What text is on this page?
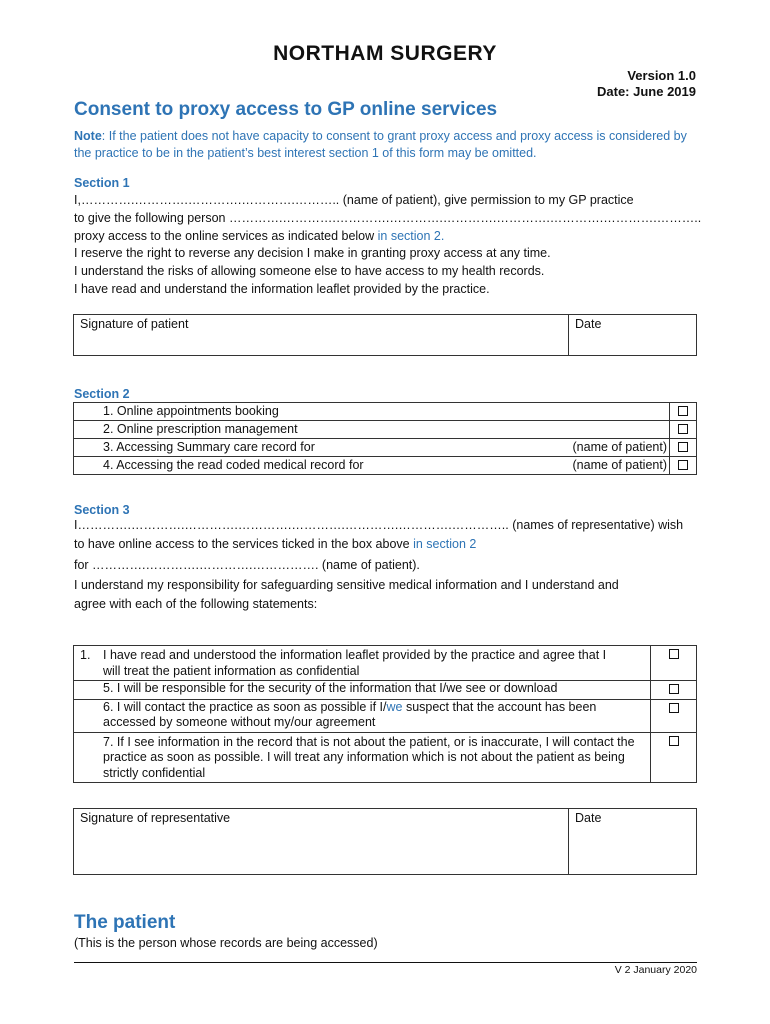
NORTHAM SURGERY
Version 1.0
Date: June 2019
Consent to proxy access to GP online services
Note: If the patient does not have capacity to consent to grant proxy access and proxy access is considered by the practice to be in the patient’s best interest section 1 of this form may be omitted.
Section 1
I,………….………….………….………….……….. (name of patient), give permission to my GP practice
to give the following person ………….………….………….………….………….………….………….………….………..
proxy access to the online services as indicated below in section 2.
I reserve the right to reverse any decision I make in granting proxy access at any time.
I understand the risks of allowing someone else to have access to my health records.
I have read and understand the information leaflet provided by the practice.
Signature of patient	Date
Section 2
1. Online appointments booking	
2. Online prescription management	
3. Accessing Summary care record for (name of patient)	

4. Accessing the read coded medical record for (name of patient)	

Section 3
I………….………….………….………….………….………….………….………….. (names of representative) wish
to have online access to the services ticked in the box above in section 2
for ………….………….………….……………. (name of patient).
I understand my responsibility for safeguarding sensitive medical information and I understand and
agree with each of the following statements:
1. I have read and understood the information leaflet provided by the practice and agree that I will treat the patient information as confidential	

5. I will be responsible for the security of the information that I/we see or download	
6. I will contact the practice as soon as possible if I/we suspect that the account has been accessed by someone without my/our agreement	
7. If I see information in the record that is not about the patient, or is inaccurate, I will contact the practice as soon as possible. I will treat any information which is not about the patient as being strictly confidential	
Signature of representative	Date
The patient
(This is the person whose records are being accessed)
V 2 January 2020
